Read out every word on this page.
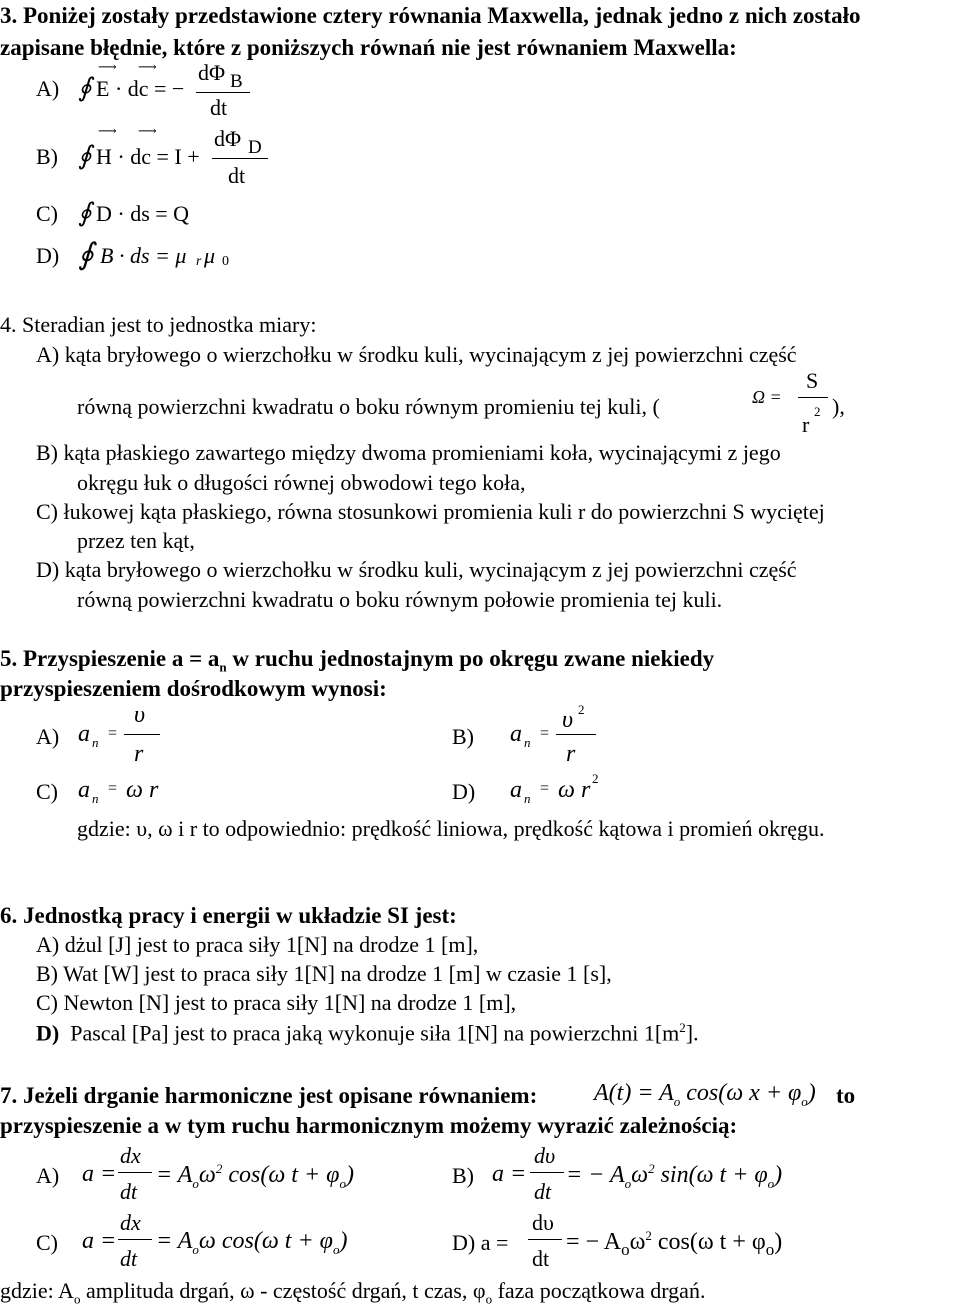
3. Poniżej zostały przedstawione cztery równania Maxwella, jednak jedno z nich zostało
zapisane błędnie, które z poniższych równań nie jest równaniem Maxwella:
A) ∮
⟶ ⟶
E · dc = −
dΦ B
dt
B) ∮
⟶ ⟶
H · dc = I +
dΦ D
dt
C) ∮ D · ds = Q
D) ∮ B · ds = μ r μ 0
4. Steradian jest to jednostka miary:
A) kąta bryłowego o wierzchołku w środku kuli, wycinającym z jej powierzchni część
równą powierzchni kwadratu o boku równym promieniu tej kuli, (	Ω =
S
r
2 ),
B) kąta płaskiego zawartego między dwoma promieniami koła, wycinającymi z jego
okręgu łuk o długości równej obwodowi tego koła,
C) łukowej kąta płaskiego, równa stosunkowi promienia kuli r do powierzchni S wyciętej
przez ten kąt,
D) kąta bryłowego o wierzchołku w środku kuli, wycinającym z jej powierzchni część
równą powierzchni kwadratu o boku równym połowie promienia tej kuli.
5. Przyspieszenie $a = a_n$ w ruchu jednostajnym po okręgu zwane niekiedy
przyspieszeniem dośrodkowym wynosi:
A) a n
=
υ
r
B) a n
=
υ 2
r
C) a n
= ω r	D) a n
= ω r 2
gdzie: υ, ω i r to odpowiednio: prędkość liniowa, prędkość kątowa i promień okręgu.
6. Jednostką pracy i energii w układzie SI jest:
A) dżul [J] jest to praca siły 1[N] na drodze 1 [m],
B) Wat [W] jest to praca siły 1[N] na drodze 1 [m] w czasie 1 [s],
C) Newton [N] jest to praca siły 1[N] na drodze 1 [m],
D) Pascal [Pa] jest to praca jaką wykonuje siła 1[N] na powierzchni $1[m^2]$.
7. Jeżeli drganie harmoniczne jest opisane równaniem: $A(t) = A_o$ cos(ω $x + \varphi_o$) to
przyspieszenie a w tym ruchu harmonicznym możemy wyrazić zależnością:
A) a =
dx
dt
= $A_o\omega^2$ cos(ω $t + \varphi_o$)	B) a =
dυ
dt
= − $A_o\omega^2$ sin(ω $t + \varphi_o$)
C) a =
dx
dt
= $A_o\omega$ cos(ω $t + \varphi_o$)	D) a =
dυ
dt
= − $A_o\omega^2$ cos(ω $t + \varphi_o$)
gdzie: $A_o$ amplituda drgań, ω - częstość drgań, t czas, $\varphi_o$ faza początkowa drgań.
